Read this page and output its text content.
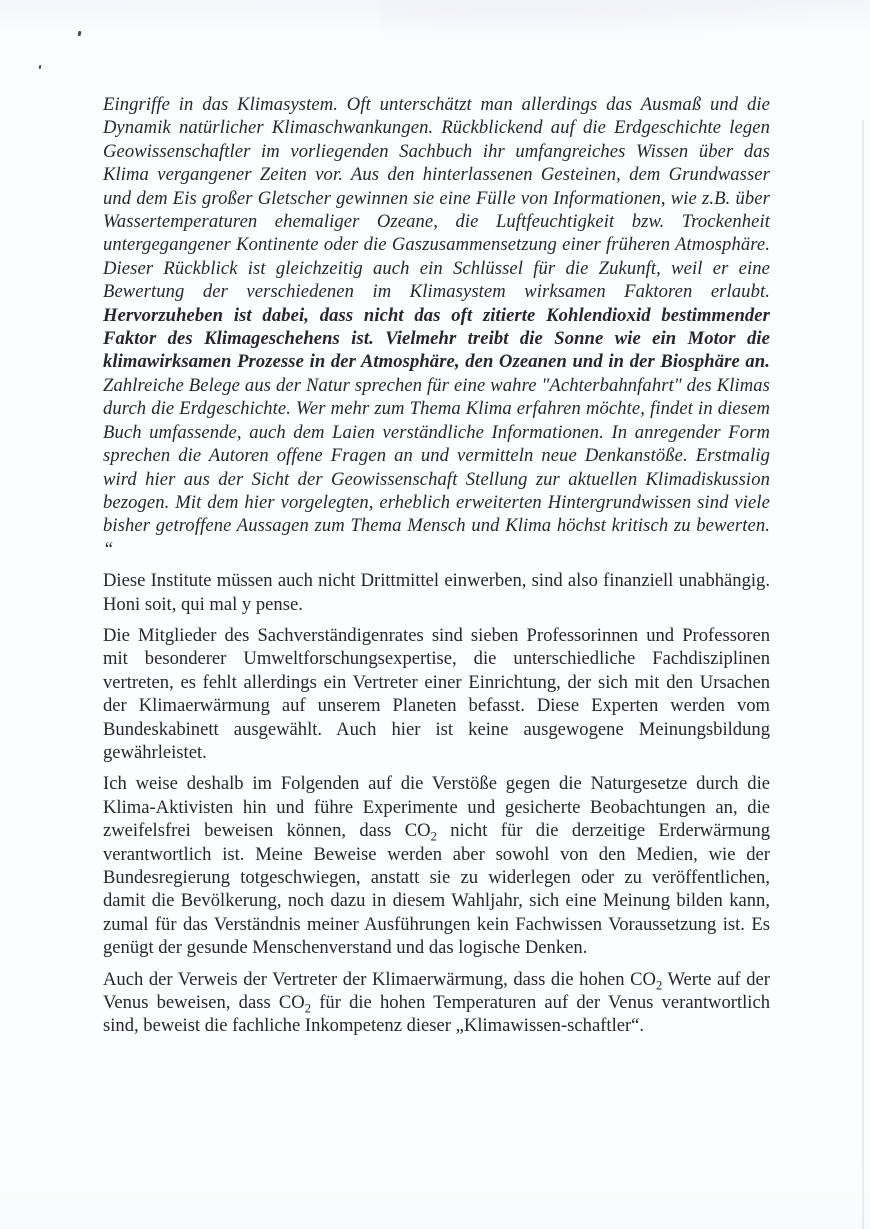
Eingriffe in das Klimasystem. Oft unterschätzt man allerdings das Ausmaß und die Dynamik natürlicher Klimaschwankungen. Rückblickend auf die Erdgeschichte legen Geowissenschaftler im vorliegenden Sachbuch ihr umfangreiches Wissen über das Klima vergangener Zeiten vor. Aus den hinterlassenen Gesteinen, dem Grundwasser und dem Eis großer Gletscher gewinnen sie eine Fülle von Informationen, wie z.B. über Wassertemperaturen ehemaliger Ozeane, die Luftfeuchtigkeit bzw. Trockenheit untergegangener Kontinente oder die Gaszusammensetzung einer früheren Atmosphäre. Dieser Rückblick ist gleichzeitig auch ein Schlüssel für die Zukunft, weil er eine Bewertung der verschiedenen im Klimasystem wirksamen Faktoren erlaubt. Hervorzuheben ist dabei, dass nicht das oft zitierte Kohlendioxid bestimmender Faktor des Klimageschehens ist. Vielmehr treibt die Sonne wie ein Motor die klimawirksamen Prozesse in der Atmosphäre, den Ozeanen und in der Biosphäre an. Zahlreiche Belege aus der Natur sprechen für eine wahre "Achterbahnfahrt" des Klimas durch die Erdgeschichte. Wer mehr zum Thema Klima erfahren möchte, findet in diesem Buch umfassende, auch dem Laien verständliche Informationen. In anregender Form sprechen die Autoren offene Fragen an und vermitteln neue Denkanstöße. Erstmalig wird hier aus der Sicht der Geowissenschaft Stellung zur aktuellen Klimadiskussion bezogen. Mit dem hier vorgelegten, erheblich erweiterten Hintergrundwissen sind viele bisher getroffene Aussagen zum Thema Mensch und Klima höchst kritisch zu bewerten. “

Diese Institute müssen auch nicht Drittmittel einwerben, sind also finanziell unabhängig. Honi soit, qui mal y pense.

Die Mitglieder des Sachverständigenrates sind sieben Professorinnen und Professoren mit besonderer Umweltforschungsexpertise, die unterschiedliche Fachdisziplinen vertreten, es fehlt allerdings ein Vertreter einer Einrichtung, der sich mit den Ursachen der Klimaerwärmung auf unserem Planeten befasst. Diese Experten werden vom Bundeskabinett ausgewählt. Auch hier ist keine ausgewogene Meinungsbildung gewährleistet.

Ich weise deshalb im Folgenden auf die Verstöße gegen die Naturgesetze durch die Klima-Aktivisten hin und führe Experimente und gesicherte Beobachtungen an, die zweifelsfrei beweisen können, dass $CO_2$ nicht für die derzeitige Erderwärmung verantwortlich ist. Meine Beweise werden aber sowohl von den Medien, wie der Bundesregierung totgeschwiegen, anstatt sie zu widerlegen oder zu veröffentlichen, damit die Bevölkerung, noch dazu in diesem Wahljahr, sich eine Meinung bilden kann, zumal für das Verständnis meiner Ausführungen kein Fachwissen Voraussetzung ist. Es genügt der gesunde Menschenverstand und das logische Denken.

Auch der Verweis der Vertreter der Klimaerwärmung, dass die hohen $CO_2$ Werte auf der Venus beweisen, dass $CO_2$ für die hohen Temperaturen auf der Venus verantwortlich sind, beweist die fachliche Inkompetenz dieser „Klimawissen-schaftler“.
